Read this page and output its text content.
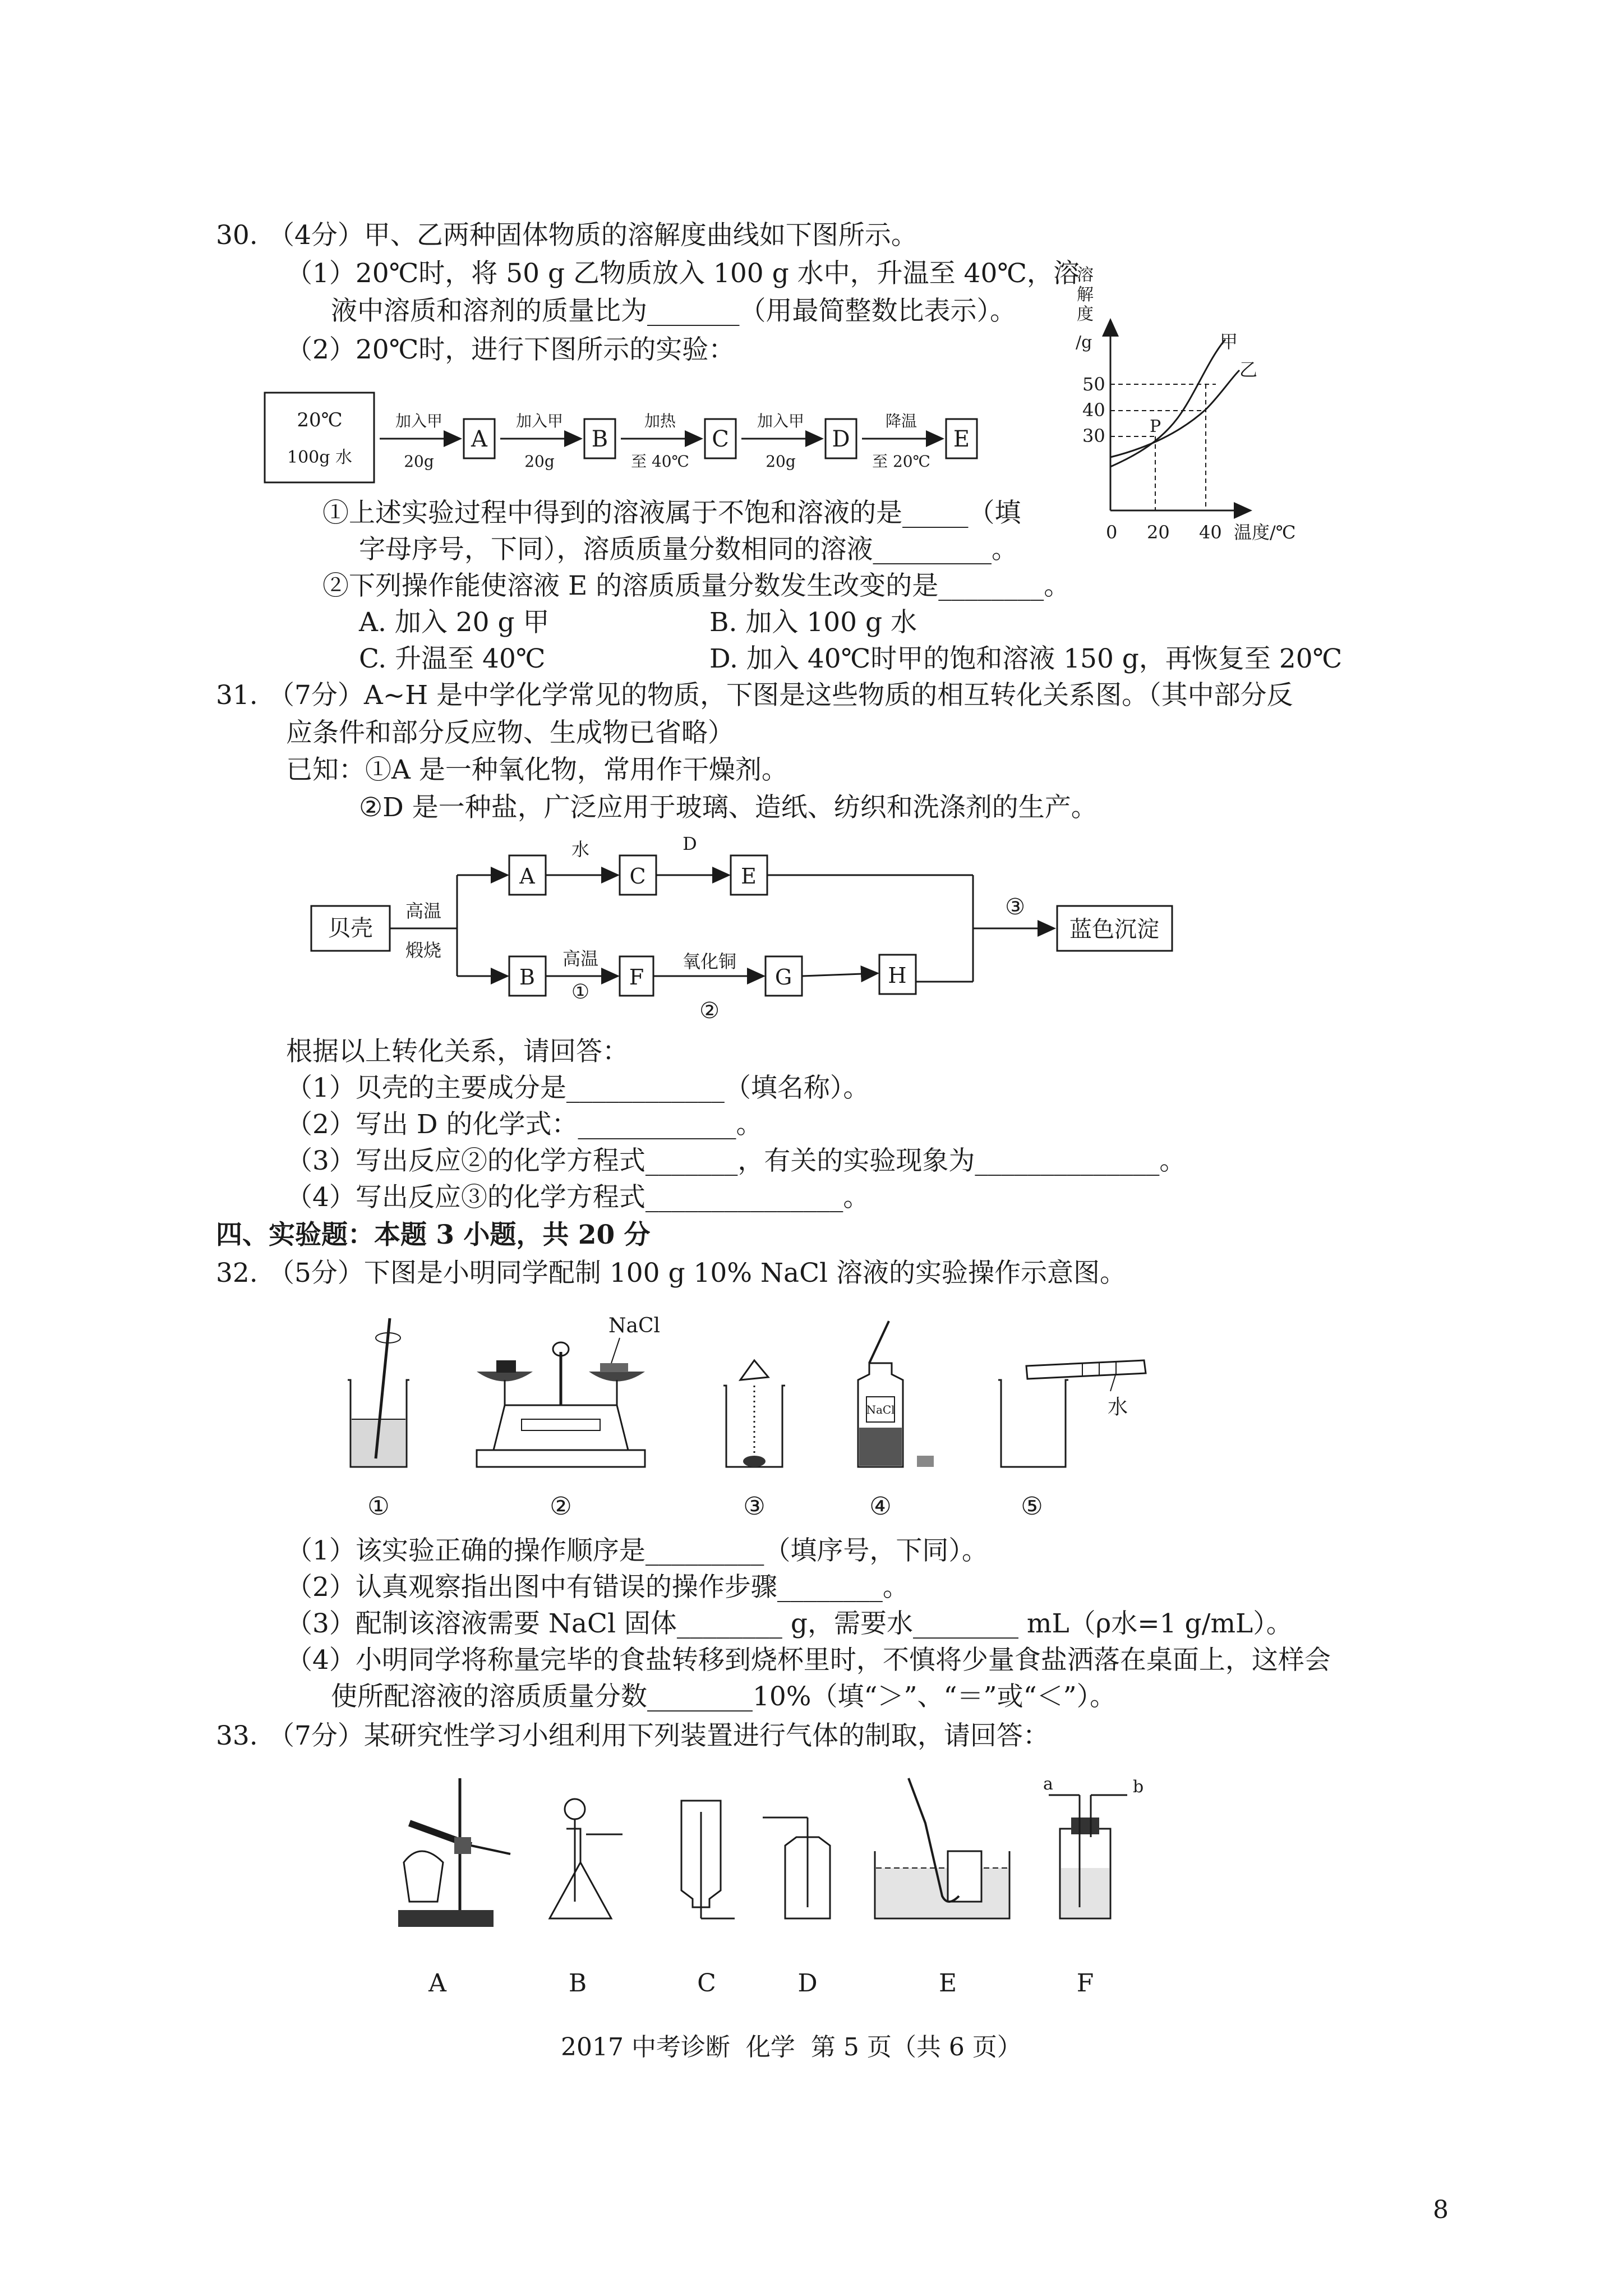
30. （4分）甲、乙两种固体物质的溶解度曲线如下图所示。
（1）20℃时，将 50 g 乙物质放入 100 g 水中，升温至 40℃，溶
液中溶质和溶剂的质量比为_______（用最简整数比表示）。
（2）20℃时，进行下图所示的实验：
20℃
100g 水
加入甲
20g
A
加入甲
20g
B
加热
至 40℃
C
加入甲
20g
D
降温
至 20℃
E
溶
解
度
/g
50
40
30
甲
乙
P
0 20 40 温度/℃
①上述实验过程中得到的溶液属于不饱和溶液的是_____（填
字母序号，下同），溶质质量分数相同的溶液_________。
②下列操作能使溶液 E 的溶质质量分数发生改变的是________。
A. 加入 20 g 甲	B. 加入 100 g 水
C. 升温至 40℃	D. 加入 40℃时甲的饱和溶液 150 g，再恢复至 20℃
31. （7分）A~H 是中学化学常见的物质，下图是这些物质的相互转化关系图。（其中部分反
应条件和部分反应物、生成物已省略）
已知：①A 是一种氧化物，常用作干燥剂。
②D 是一种盐，广泛应用于玻璃、造纸、纺织和洗涤剂的生产。
贝壳
高温
煅烧
A
水
C
D
E
B
高温
①
F
氧化铜
②
G	H
③
蓝色沉淀
根据以上转化关系，请回答：
（1）贝壳的主要成分是____________（填名称）。
（2）写出 D 的化学式：____________。
（3）写出反应②的化学方程式_______，有关的实验现象为______________。
（4）写出反应③的化学方程式_______________。
四、实验题：本题 3 小题，共 20 分
32. （5分）下图是小明同学配制 100 g 10% NaCl 溶液的实验操作示意图。
①
NaCl
②	③
NaCl
④
水
⑤
（1）该实验正确的操作顺序是_________（填序号，下同）。
（2）认真观察指出图中有错误的操作步骤________。
（3）配制该溶液需要 NaCl 固体________ g，需要水________ mL（ρ水=1 g/mL）。
（4）小明同学将称量完毕的食盐转移到烧杯里时，不慎将少量食盐洒落在桌面上，这样会
使所配溶液的溶质质量分数________10%（填“＞”、“＝”或“＜”）。
33. （7分）某研究性学习小组利用下列装置进行气体的制取，请回答：
A	B	C	D	E
a	b
F
2017 中考诊断  化学  第 5 页（共 6 页）
8
